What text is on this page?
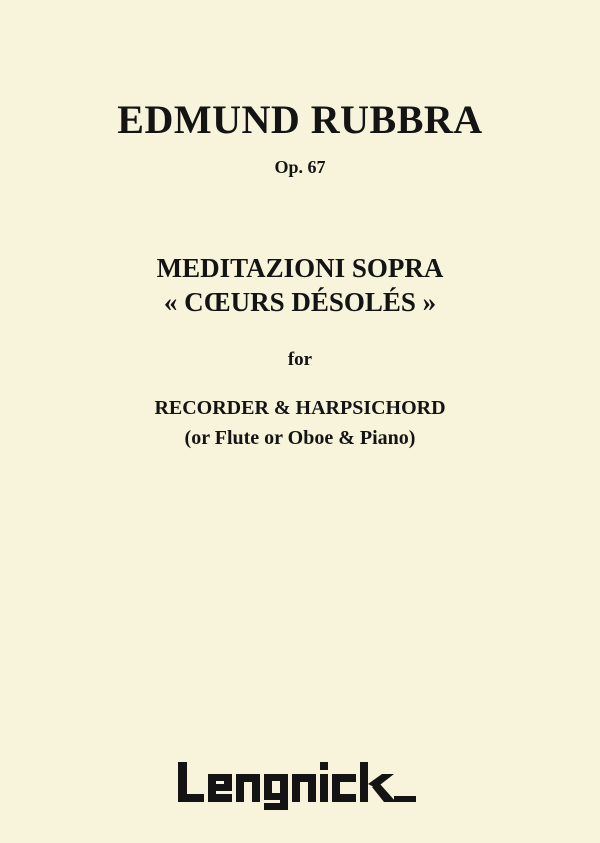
EDMUND RUBBRA
Op. 67
MEDITAZIONI SOPRA
« CŒURS DÉSOLÉS »
for
RECORDER & HARPSICHORD
(or Flute or Oboe & Piano)
